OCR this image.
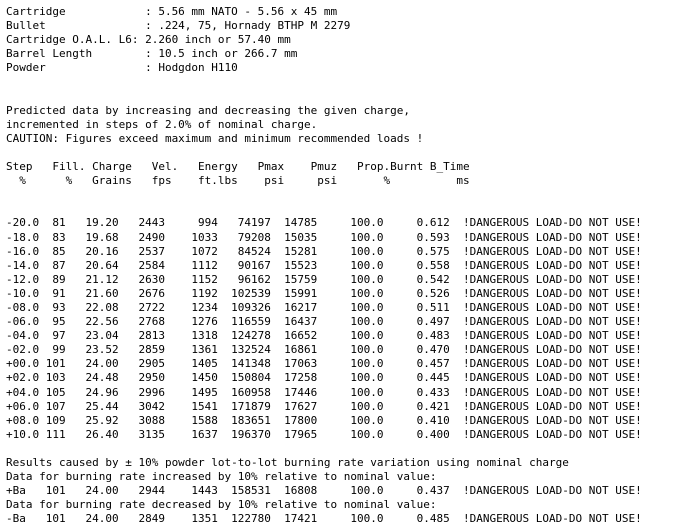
Cartridge            : 5.56 mm NATO - 5.56 x 45 mm
Bullet               : .224, 75, Hornady BTHP M 2279
Cartridge O.A.L. L6: 2.260 inch or 57.40 mm
Barrel Length        : 10.5 inch or 266.7 mm
Powder               : Hodgdon H110
Predicted data by increasing and decreasing the given charge,
incremented in steps of 2.0% of nominal charge.
CAUTION: Figures exceed maximum and minimum recommended loads !
Step   Fill. Charge   Vel.   Energy   Pmax    Pmuz   Prop.Burnt B_Time
%      %   Grains   fps    ft.lbs    psi     psi       %          ms
-20.0  81   19.20   2443     994   74197  14785     100.0     0.612  !DANGEROUS LOAD-DO NOT USE!
-18.0  83   19.68   2490    1033   79208  15035     100.0     0.593  !DANGEROUS LOAD-DO NOT USE!
-16.0  85   20.16   2537    1072   84524  15281     100.0     0.575  !DANGEROUS LOAD-DO NOT USE!
-14.0  87   20.64   2584    1112   90167  15523     100.0     0.558  !DANGEROUS LOAD-DO NOT USE!
-12.0  89   21.12   2630    1152   96162  15759     100.0     0.542  !DANGEROUS LOAD-DO NOT USE!
-10.0  91   21.60   2676    1192  102539  15991     100.0     0.526  !DANGEROUS LOAD-DO NOT USE!
-08.0  93   22.08   2722    1234  109326  16217     100.0     0.511  !DANGEROUS LOAD-DO NOT USE!
-06.0  95   22.56   2768    1276  116559  16437     100.0     0.497  !DANGEROUS LOAD-DO NOT USE!
-04.0  97   23.04   2813    1318  124278  16652     100.0     0.483  !DANGEROUS LOAD-DO NOT USE!
-02.0  99   23.52   2859    1361  132524  16861     100.0     0.470  !DANGEROUS LOAD-DO NOT USE!
+00.0 101   24.00   2905    1405  141348  17063     100.0     0.457  !DANGEROUS LOAD-DO NOT USE!
+02.0 103   24.48   2950    1450  150804  17258     100.0     0.445  !DANGEROUS LOAD-DO NOT USE!
+04.0 105   24.96   2996    1495  160958  17446     100.0     0.433  !DANGEROUS LOAD-DO NOT USE!
+06.0 107   25.44   3042    1541  171879  17627     100.0     0.421  !DANGEROUS LOAD-DO NOT USE!
+08.0 109   25.92   3088    1588  183651  17800     100.0     0.410  !DANGEROUS LOAD-DO NOT USE!
+10.0 111   26.40   3135    1637  196370  17965     100.0     0.400  !DANGEROUS LOAD-DO NOT USE!
Results caused by ± 10% powder lot-to-lot burning rate variation using nominal charge
Data for burning rate increased by 10% relative to nominal value:
+Ba   101   24.00   2944    1443  158531  16808     100.0     0.437  !DANGEROUS LOAD-DO NOT USE!
Data for burning rate decreased by 10% relative to nominal value:
-Ba   101   24.00   2849    1351  122780  17421     100.0     0.485  !DANGEROUS LOAD-DO NOT USE!
